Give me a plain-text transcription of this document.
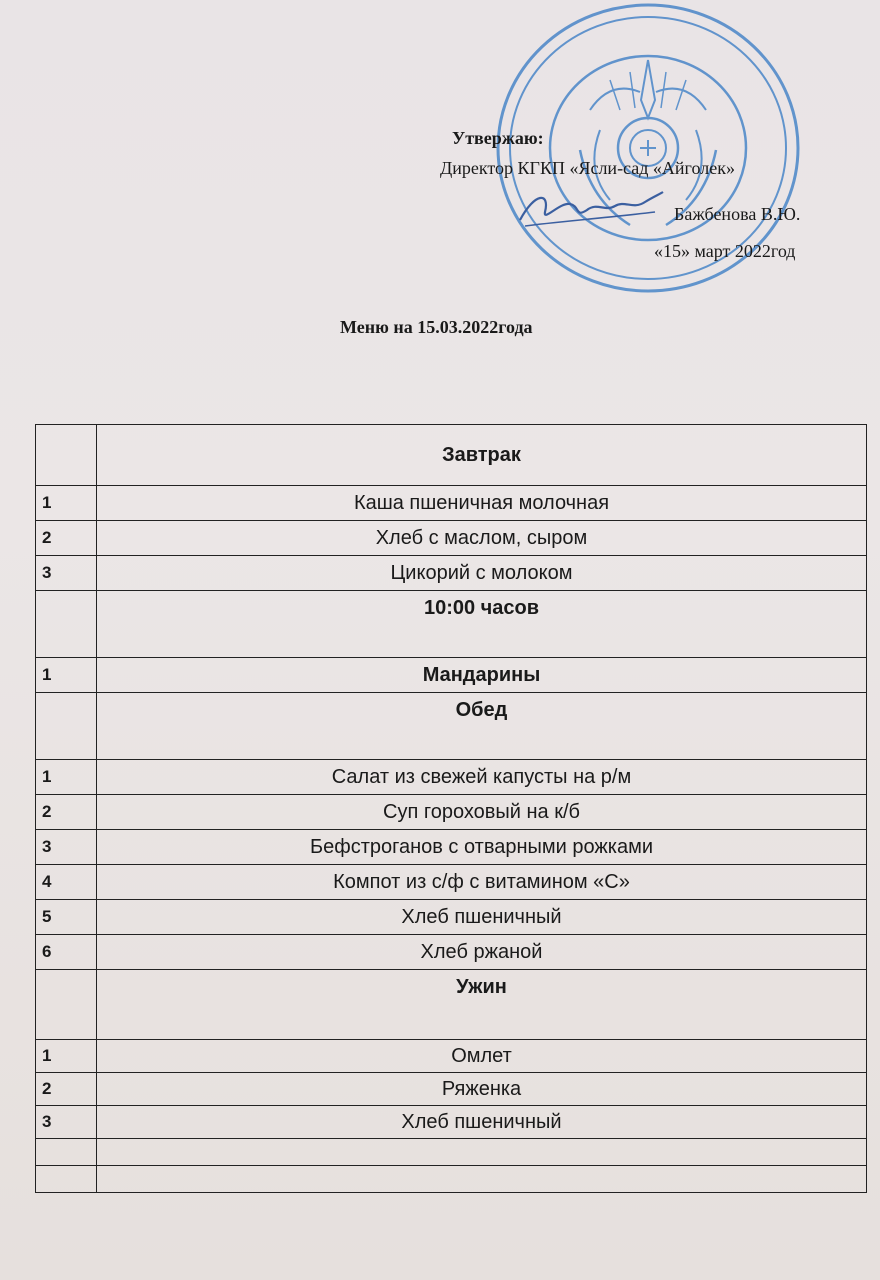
Утвержаю:
Директор КГКП «Ясли-сад «Айголек»
Бажбенова В.Ю.
«15» март 2022год
Меню на 15.03.2022года
	Завтрак
1	Каша пшеничная молочная
2	Хлеб с маслом, сыром
3	Цикорий с молоком
	10:00 часов
1	Мандарины
	Обед
1	Салат из свежей капусты на р/м
2	Суп гороховый на к/б
3	Бефстроганов с отварными рожками
4	Компот из с/ф с витамином «С»
5	Хлеб пшеничный
6	Хлеб ржаной
	Ужин
1	Омлет
2	Ряженка
3	Хлеб пшеничный
